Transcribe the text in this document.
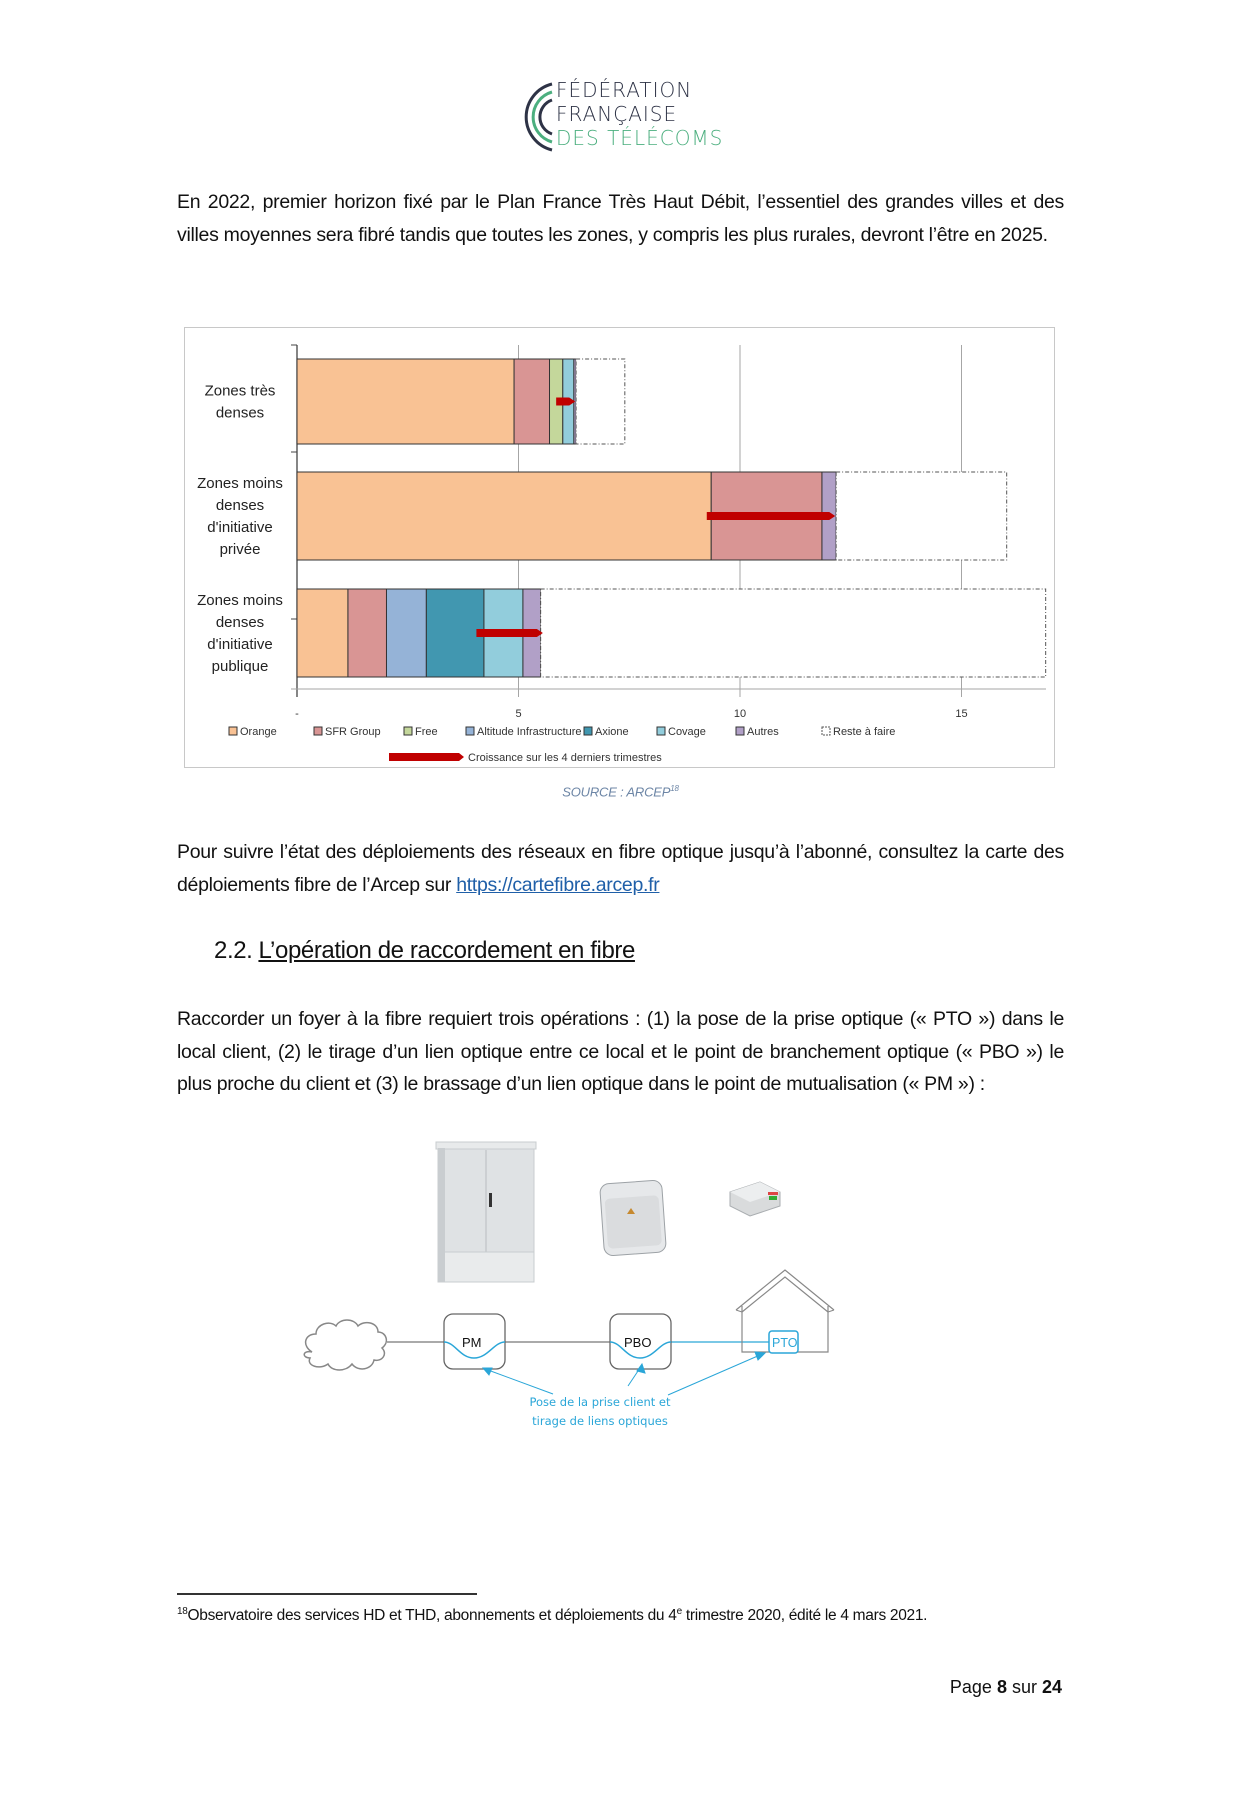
FÉDÉRATION
FRANÇAISE
DES TÉLÉCOMS
En 2022, premier horizon fixé par le Plan France Très Haut Débit, l’essentiel des grandes villes et des villes moyennes sera fibré tandis que toutes les zones, y compris les plus rurales, devront l’être en 2025.
-	5	10	15
Zones très
denses
Zones moins
denses
d'initiative
privée
Zones moins
denses
d'initiative
publique
Orange	SFR Group	Free	Altitude Infrastructure Axione	Covage	Autres	Reste à faire
Croissance sur les 4 derniers trimestres
SOURCE : ARCEP$^{18}$
Pour suivre l’état des déploiements des réseaux en fibre optique jusqu’à l’abonné, consultez la carte des déploiements fibre de l’Arcep sur https://cartefibre.arcep.fr
2.2. L’opération de raccordement en fibre
Raccorder un foyer à la fibre requiert trois opérations : (1) la pose de la prise optique (« PTO ») dans le local client, (2) le tirage d’un lien optique entre ce local et le point de branchement optique (« PBO ») le plus proche du client et (3) le brassage d’un lien optique dans le point de mutualisation (« PM ») :
PM	PBO	PTO
Pose de la prise client et
tirage de liens optiques
$^{18}$Observatoire des services HD et THD, abonnements et déploiements du 4e trimestre 2020, édité le 4 mars 2021.
Page 8 sur 24
